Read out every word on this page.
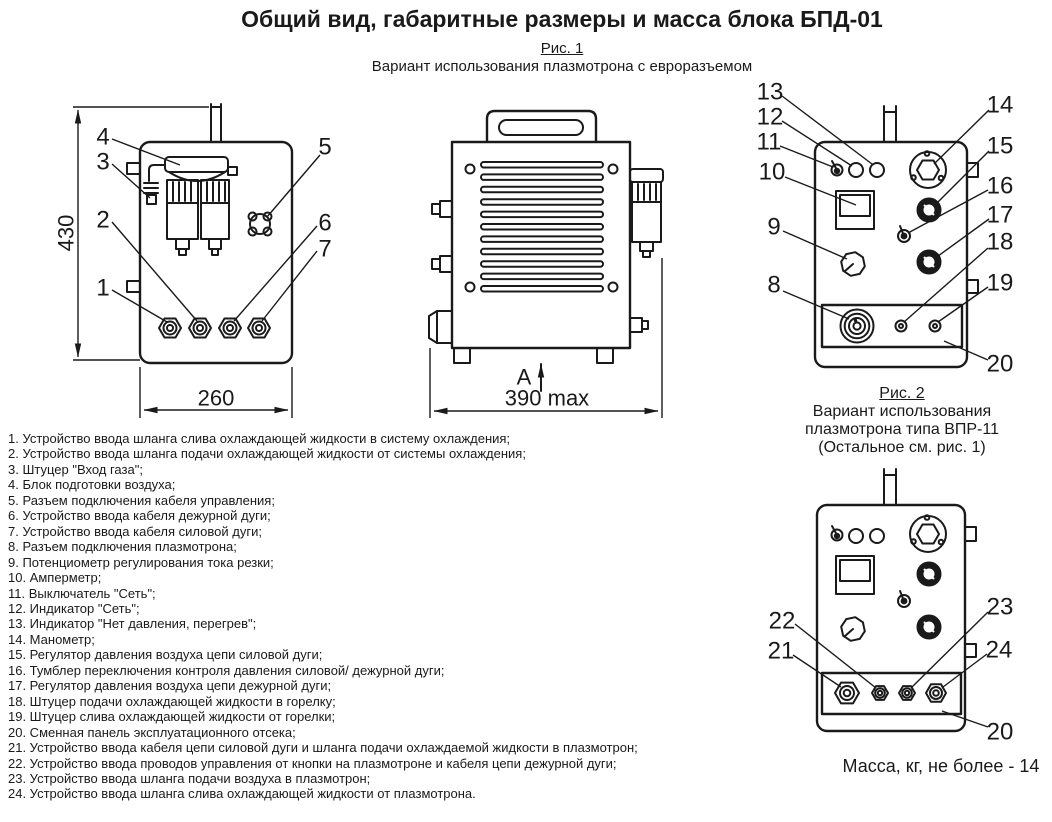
Общий вид, габаритные размеры и масса блока БПД-01
Рис. 1
Вариант использования плазмотрона с евроразъемом
430
260
4
3
2
1
5
6
7
А
390 max
13
12
11
10
9
8
14
15
16
17
18
19
20
22
21
23
24
20
Рис. 2
Вариант использования
плазмотрона типа ВПР-11
(Остальное см. рис. 1)
Масса, кг, не более - 14
1. Устройство ввода шланга слива охлаждающей жидкости в систему охлаждения;
2. Устройство ввода шланга подачи охлаждающей жидкости от системы охлаждения;
3. Штуцер "Вход газа";
4. Блок подготовки воздуха;
5. Разъем подключения кабеля управления;
6. Устройство ввода кабеля дежурной дуги;
7. Устройство ввода кабеля силовой дуги;
8. Разъем подключения плазмотрона;
9. Потенциометр регулирования тока резки;
10. Амперметр;
11. Выключатель "Сеть";
12. Индикатор "Сеть";
13. Индикатор "Нет давления, перегрев";
14. Манометр;
15. Регулятор давления воздуха цепи силовой дуги;
16. Тумблер переключения контроля давления силовой/ дежурной дуги;
17. Регулятор давления воздуха цепи дежурной дуги;
18. Штуцер подачи охлаждающей жидкости в горелку;
19. Штуцер слива охлаждающей жидкости от горелки;
20. Сменная панель эксплуатационного отсека;
21. Устройство ввода кабеля цепи силовой дуги и шланга подачи охлаждаемой жидкости в плазмотрон;
22. Устройство ввода проводов управления от кнопки на плазмотроне и кабеля цепи дежурной дуги;
23. Устройство ввода шланга подачи воздуха в плазмотрон;
24. Устройство ввода шланга слива охлаждающей жидкости от плазмотрона.
